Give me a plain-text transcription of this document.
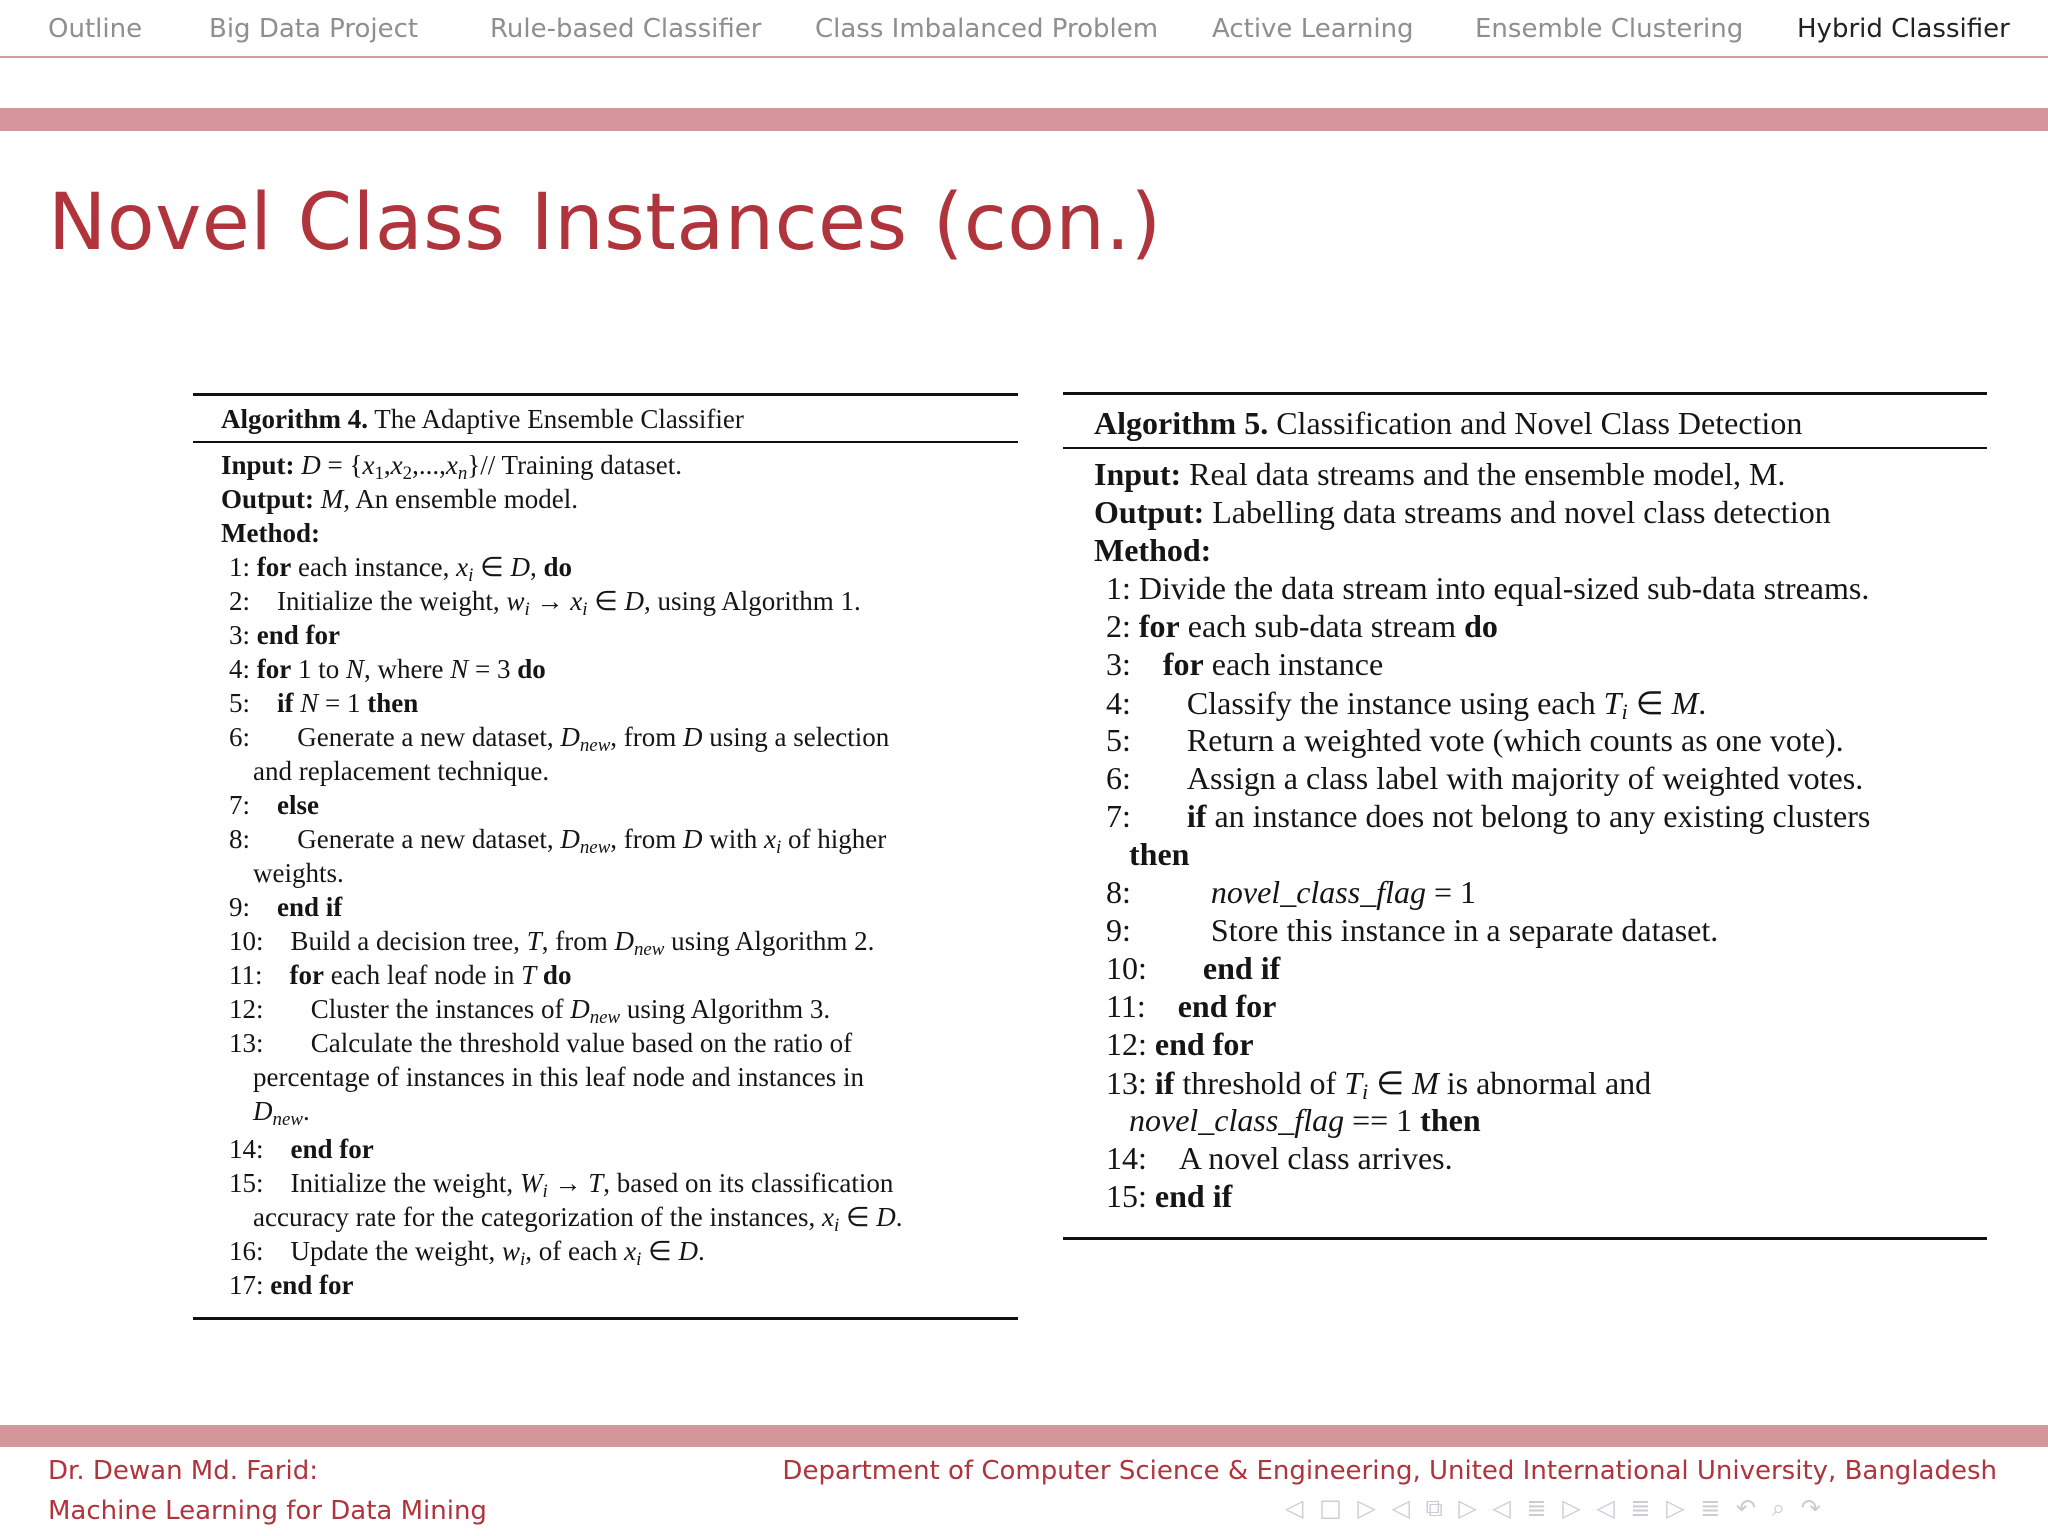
Outline	Big Data Project	Rule-based Classifier Class Imbalanced Problem Active Learning Ensemble Clustering Hybrid Classifier
Novel Class Instances (con.)
Algorithm 4. The Adaptive Ensemble Classifier
Input: $D = \{x_1,x_2,...,x_n\}//$ Training dataset.
Output: M, An ensemble model.
Method:
1: for each instance, $x_i$ ∈ D, do
2:    Initialize the weight, $w_i \to x_i$ ∈ D, using Algorithm 1.
3: end for
4: for 1 to N, where N = 3 do
5:    if N = 1 then
6:       Generate a new dataset, $D_{new}$, from D using a selection
and replacement technique.
7:    else
8:       Generate a new dataset, $D_{new}$, from D with $x_i$ of higher
weights.
9:    end if
10:    Build a decision tree, T, from $D_{new}$ using Algorithm 2.
11:    for each leaf node in T do
12:       Cluster the instances of $D_{new}$ using Algorithm 3.
13:       Calculate the threshold value based on the ratio of
percentage of instances in this leaf node and instances in
$D_{new}$.
14:    end for
15:    Initialize the weight, $W_i \to T$, based on its classification
accuracy rate for the categorization of the instances, $x_i$ ∈ D.
16:    Update the weight, $w_i$, of each $x_i$ ∈ D.
17: end for
Algorithm 5. Classification and Novel Class Detection
Input: Real data streams and the ensemble model, M.
Output: Labelling data streams and novel class detection
Method:
1: Divide the data stream into equal-sized sub-data streams.
2: for each sub-data stream do
3:    for each instance
4:       Classify the instance using each $T_i$ ∈ M.
5:       Return a weighted vote (which counts as one vote).
6:       Assign a class label with majority of weighted votes.
7:       if an instance does not belong to any existing clusters
then
8:          novel_class_flag = 1
9:          Store this instance in a separate dataset.
10:       end if
11:    end for
12: end for
13: if threshold of $T_i$ ∈ M is abnormal and
novel_class_flag == 1 then
14:    A novel class arrives.
15: end if
Dr. Dewan Md. Farid:
Machine Learning for Data Mining
Department of Computer Science & Engineering, United International University, Bangladesh
◁ □ ▷ ◁ ⧉ ▷ ◁ ≣ ▷ ◁ ≣ ▷ ≣ ↶ ⌕ ↷
